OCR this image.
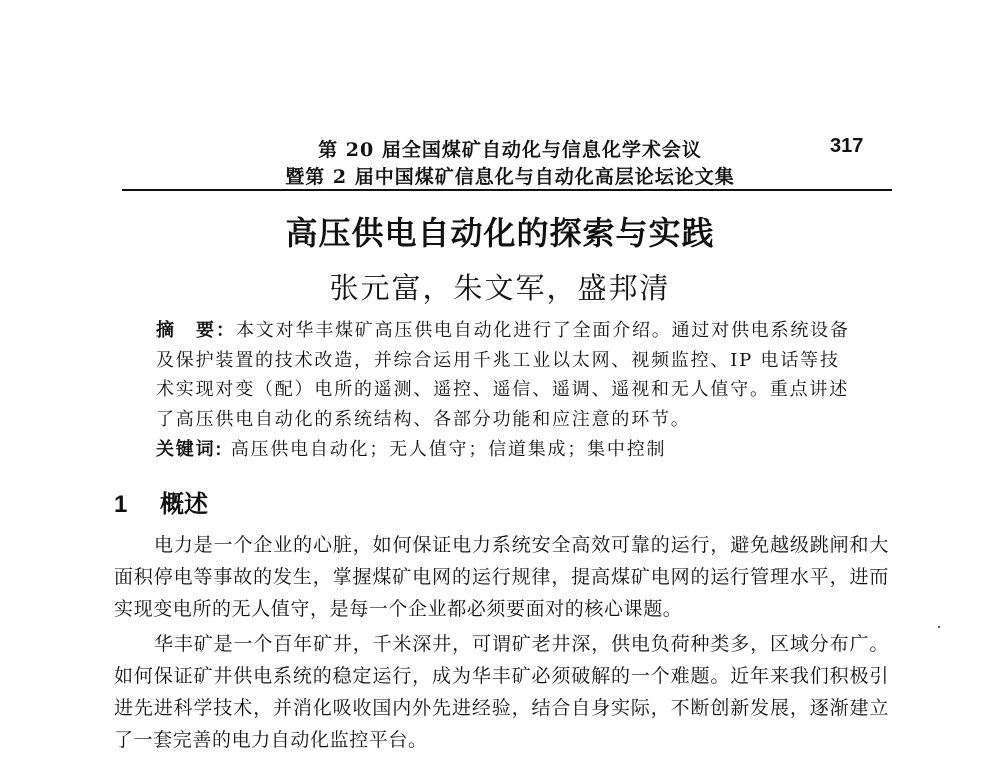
第 20 届全国煤矿自动化与信息化学术会议	317
暨第 2 届中国煤矿信息化与自动化高层论坛论文集
高压供电自动化的探索与实践
张元富，朱文军，盛邦清
摘　要：本文对华丰煤矿高压供电自动化进行了全面介绍。通过对供电系统设备及保护装置的技术改造，并综合运用千兆工业以太网、视频监控、IP 电话等技术实现对变（配）电所的遥测、遥控、遥信、遥调、遥视和无人值守。重点讲述了高压供电自动化的系统结构、各部分功能和应注意的环节。
关键词: 高压供电自动化；无人值守；信道集成；集中控制
1 概述
电力是一个企业的心脏，如何保证电力系统安全高效可靠的运行，避免越级跳闸和大面积停电等事故的发生，掌握煤矿电网的运行规律，提高煤矿电网的运行管理水平，进而实现变电所的无人值守，是每一个企业都必须要面对的核心课题。
华丰矿是一个百年矿井，千米深井，可谓矿老井深，供电负荷种类多，区域分布广。如何保证矿井供电系统的稳定运行，成为华丰矿必须破解的一个难题。近年来我们积极引进先进科学技术，并消化吸收国内外先进经验，结合自身实际，不断创新发展，逐渐建立了一套完善的电力自动化监控平台。
